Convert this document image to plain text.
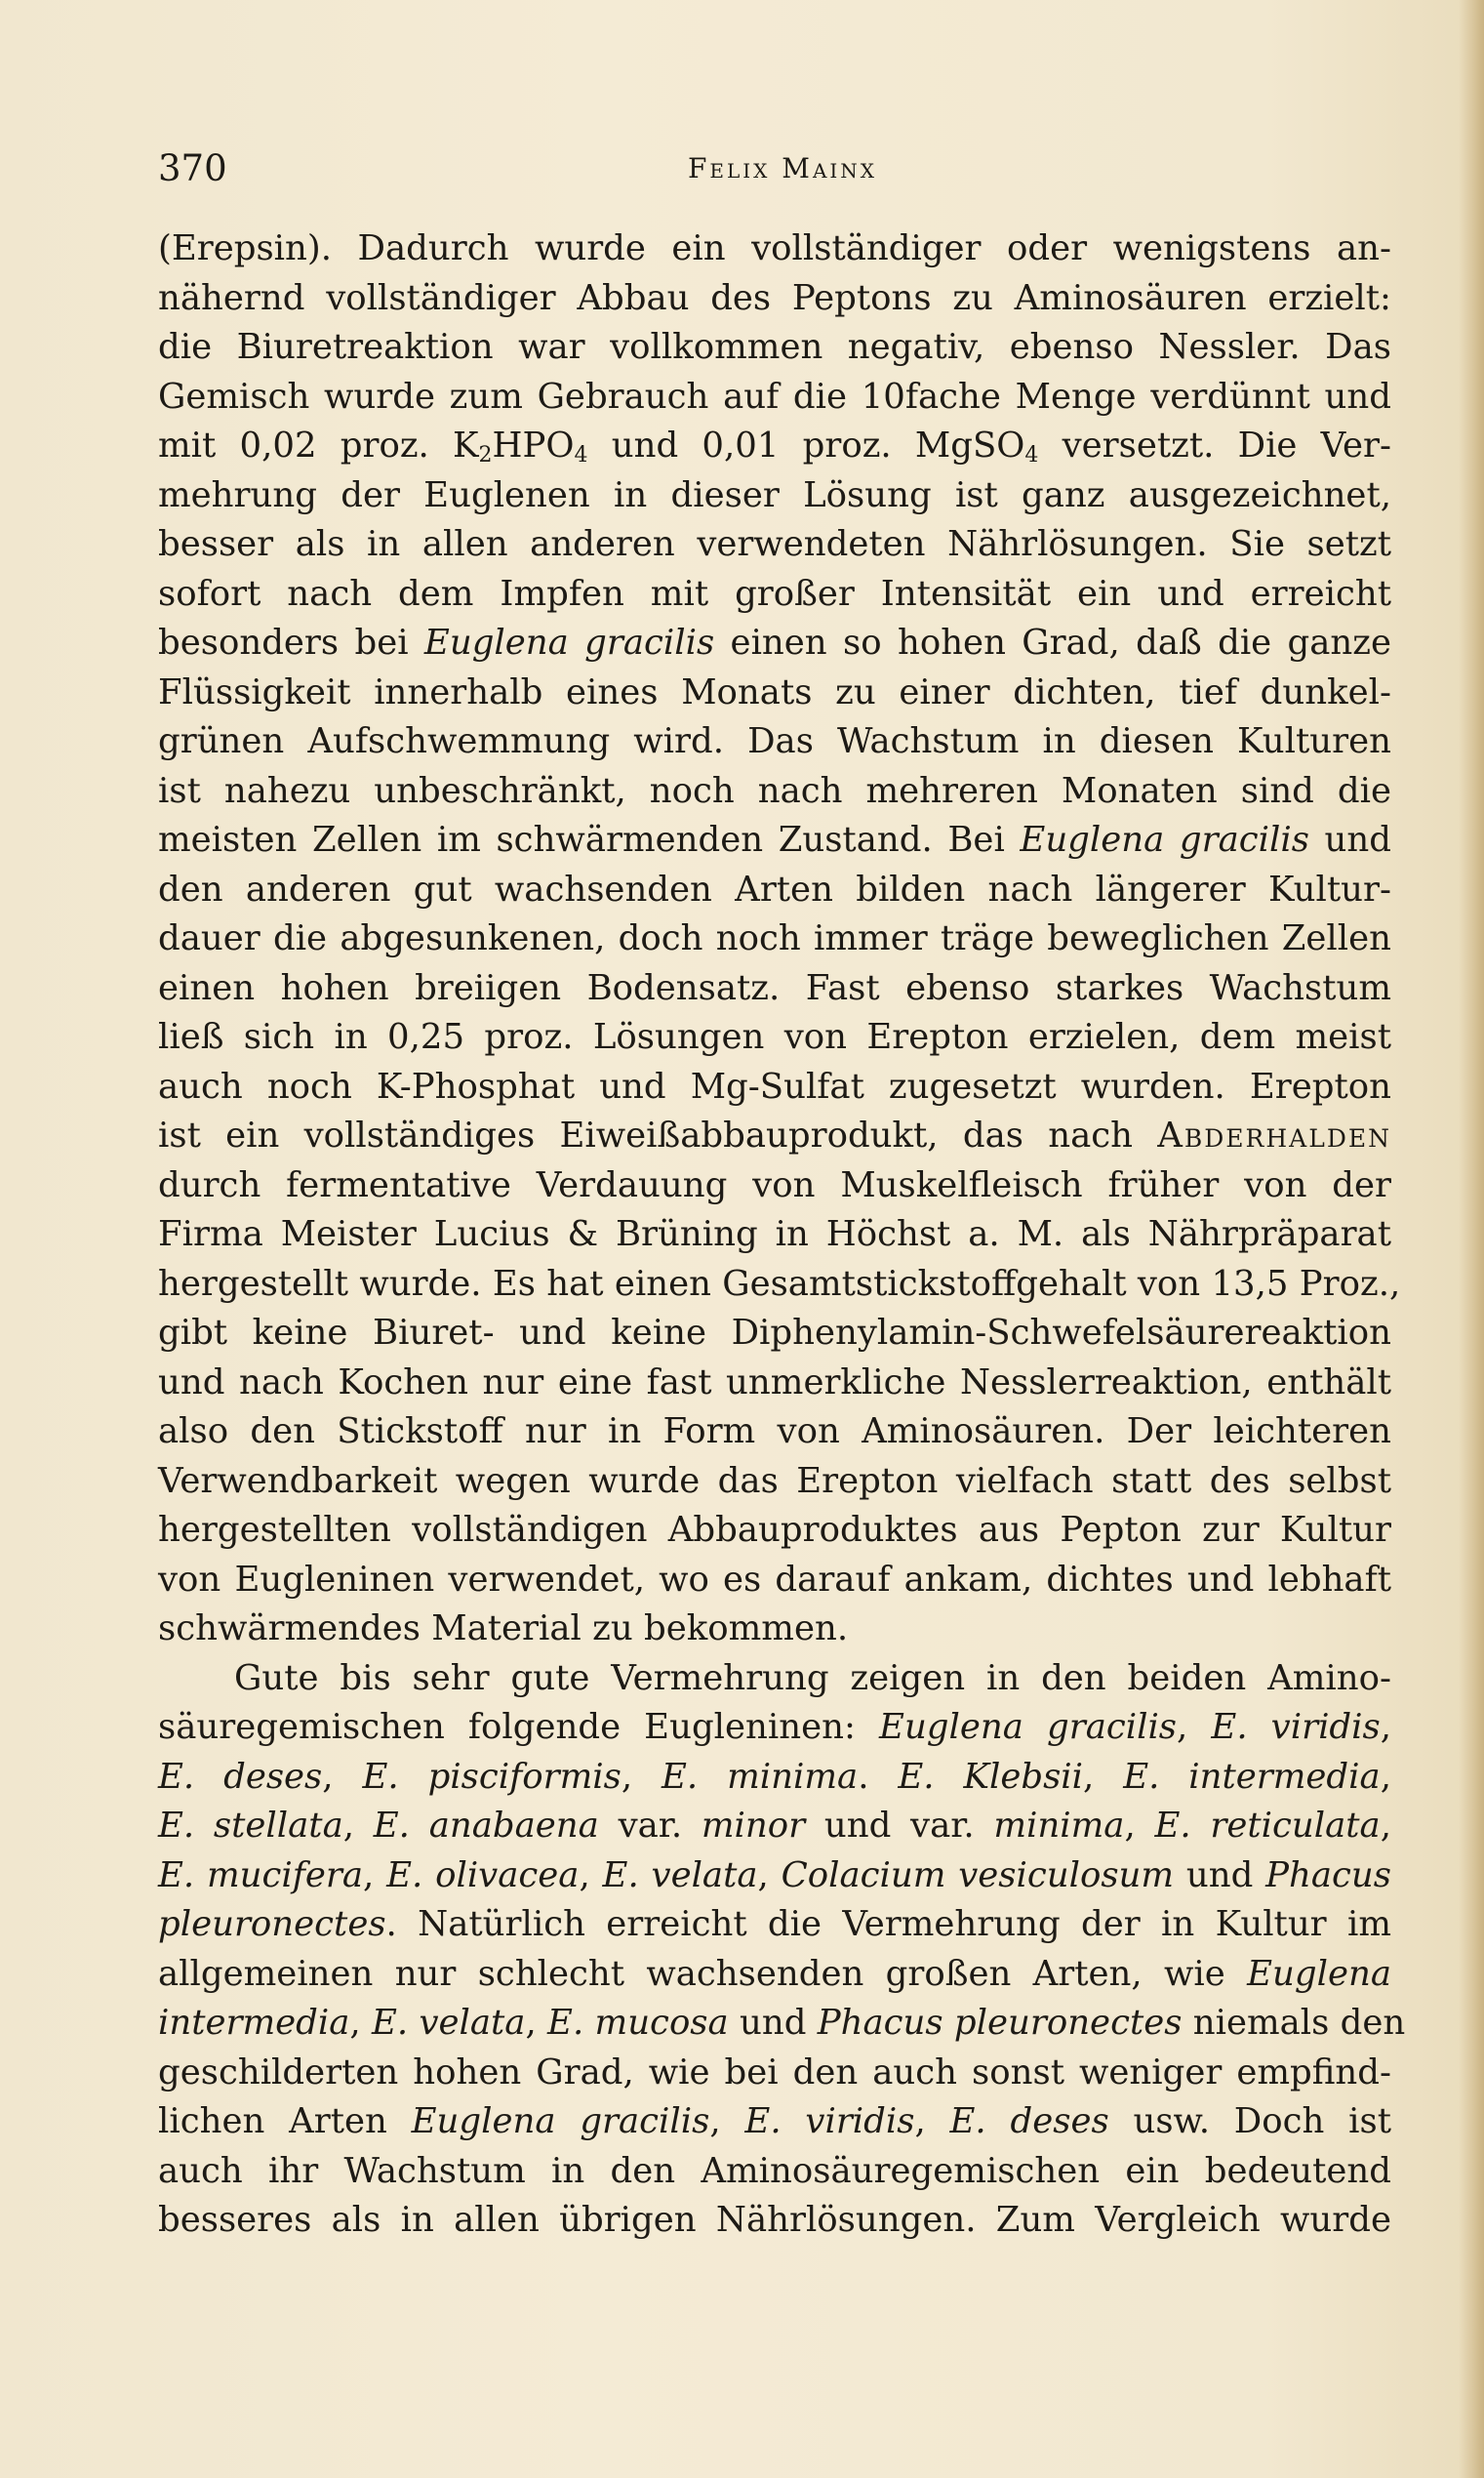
370	Felix Mainx
(Erepsin). Dadurch wurde ein vollständiger oder wenigstens an-
nähernd vollständiger Abbau des Peptons zu Aminosäuren erzielt:
die Biuretreaktion war vollkommen negativ, ebenso Nessler. Das
Gemisch wurde zum Gebrauch auf die 10fache Menge verdünnt und
mit 0,02 proz. $K_2HPO_4$ und 0,01 proz. MgSO$_4$ versetzt. Die Ver-
mehrung der Euglenen in dieser Lösung ist ganz ausgezeichnet,
besser als in allen anderen verwendeten Nährlösungen. Sie setzt
sofort nach dem Impfen mit großer Intensität ein und erreicht
besonders bei Euglena gracilis einen so hohen Grad, daß die ganze
Flüssigkeit innerhalb eines Monats zu einer dichten, tief dunkel-
grünen Aufschwemmung wird. Das Wachstum in diesen Kulturen
ist nahezu unbeschränkt, noch nach mehreren Monaten sind die
meisten Zellen im schwärmenden Zustand. Bei Euglena gracilis und
den anderen gut wachsenden Arten bilden nach längerer Kultur-
dauer die abgesunkenen, doch noch immer träge beweglichen Zellen
einen hohen breiigen Bodensatz. Fast ebenso starkes Wachstum
ließ sich in 0,25 proz. Lösungen von Erepton erzielen, dem meist
auch noch K-Phosphat und Mg-Sulfat zugesetzt wurden. Erepton
ist ein vollständiges Eiweißabbauprodukt, das nach Abderhalden
durch fermentative Verdauung von Muskelfleisch früher von der
Firma Meister Lucius & Brüning in Höchst a. M. als Nährpräparat
hergestellt wurde. Es hat einen Gesamtstickstoffgehalt von 13,5 Proz.,
gibt keine Biuret- und keine Diphenylamin-Schwefelsäurereaktion
und nach Kochen nur eine fast unmerkliche Nesslerreaktion, enthält
also den Stickstoff nur in Form von Aminosäuren. Der leichteren
Verwendbarkeit wegen wurde das Erepton vielfach statt des selbst
hergestellten vollständigen Abbauproduktes aus Pepton zur Kultur
von Eugleninen verwendet, wo es darauf ankam, dichtes und lebhaft
schwärmendes Material zu bekommen.
Gute bis sehr gute Vermehrung zeigen in den beiden Amino-
säuregemischen folgende Eugleninen: Euglena gracilis, E. viridis,
E. deses, E. pisciformis, E. minima. E. Klebsii, E. intermedia,
E. stellata, E. anabaena var. minor und var. minima, E. reticulata,
E. mucifera, E. olivacea, E. velata, Colacium vesiculosum und Phacus
pleuronectes. Natürlich erreicht die Vermehrung der in Kultur im
allgemeinen nur schlecht wachsenden großen Arten, wie Euglena
intermedia, E. velata, E. mucosa und Phacus pleuronectes niemals den
geschilderten hohen Grad, wie bei den auch sonst weniger empfind-
lichen Arten Euglena gracilis, E. viridis, E. deses usw. Doch ist
auch ihr Wachstum in den Aminosäuregemischen ein bedeutend
besseres als in allen übrigen Nährlösungen. Zum Vergleich wurde
